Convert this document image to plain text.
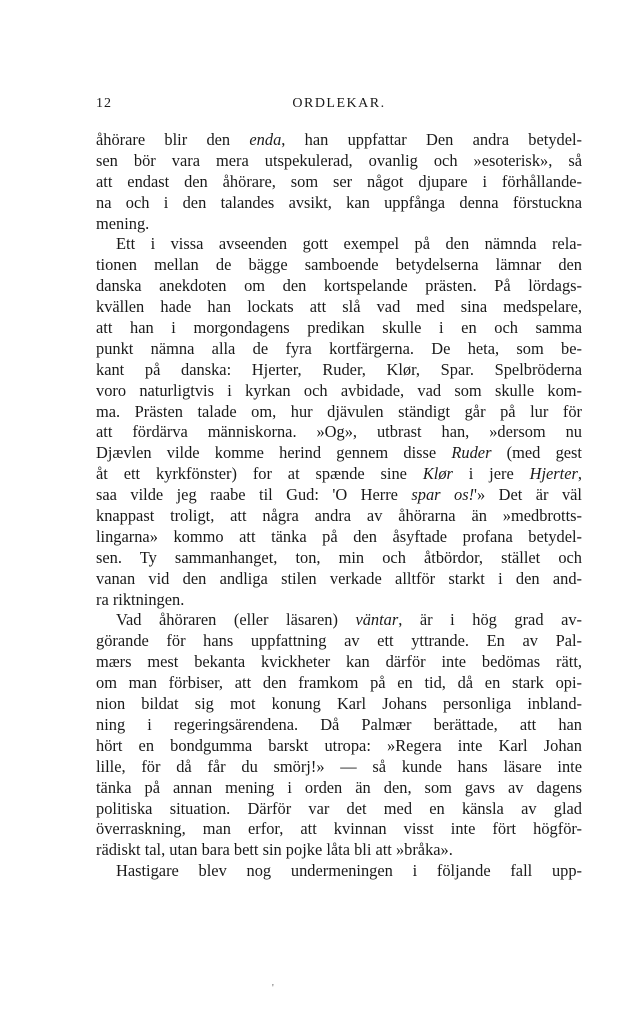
12	ORDLEKAR.
åhörare blir den enda, han uppfattar Den andra betydel-
sen bör vara mera utspekulerad, ovanlig och »esoterisk», så
att endast den åhörare, som ser något djupare i förhållande-
na och i den talandes avsikt, kan uppfånga denna förstuckna
mening.
Ett i vissa avseenden gott exempel på den nämnda rela-
tionen mellan de bägge samboende betydelserna lämnar den
danska anekdoten om den kortspelande prästen. På lördags-
kvällen hade han lockats att slå vad med sina medspelare,
att han i morgondagens predikan skulle i en och samma
punkt nämna alla de fyra kortfärgerna. De heta, som be-
kant på danska: Hjerter, Ruder, Klør, Spar. Spelbröderna
voro naturligtvis i kyrkan och avbidade, vad som skulle kom-
ma. Prästen talade om, hur djävulen ständigt går på lur för
att fördärva människorna. »Og», utbrast han, »dersom nu
Djævlen vilde komme herind gennem disse Ruder (med gest
åt ett kyrkfönster) for at spænde sine Klør i jere Hjerter,
saa vilde jeg raabe til Gud: 'O Herre spar os!'» Det är väl
knappast troligt, att några andra av åhörarna än »medbrotts-
lingarna» kommo att tänka på den åsyftade profana betydel-
sen. Ty sammanhanget, ton, min och åtbördor, stället och
vanan vid den andliga stilen verkade alltför starkt i den and-
ra riktningen.
Vad åhöraren (eller läsaren) väntar, är i hög grad av-
görande för hans uppfattning av ett yttrande. En av Pal-
mærs mest bekanta kvickheter kan därför inte bedömas rätt,
om man förbiser, att den framkom på en tid, då en stark opi-
nion bildat sig mot konung Karl Johans personliga inbland-
ning i regeringsärendena. Då Palmær berättade, att han
hört en bondgumma barskt utropa: »Regera inte Karl Johan
lille, för då får du smörj!» — så kunde hans läsare inte
tänka på annan mening i orden än den, som gavs av dagens
politiska situation. Därför var det med en känsla av glad
överraskning, man erfor, att kvinnan visst inte fört högför-
rädiskt tal, utan bara bett sin pojke låta bli att »bråka».
Hastigare blev nog undermeningen i följande fall upp-
'
